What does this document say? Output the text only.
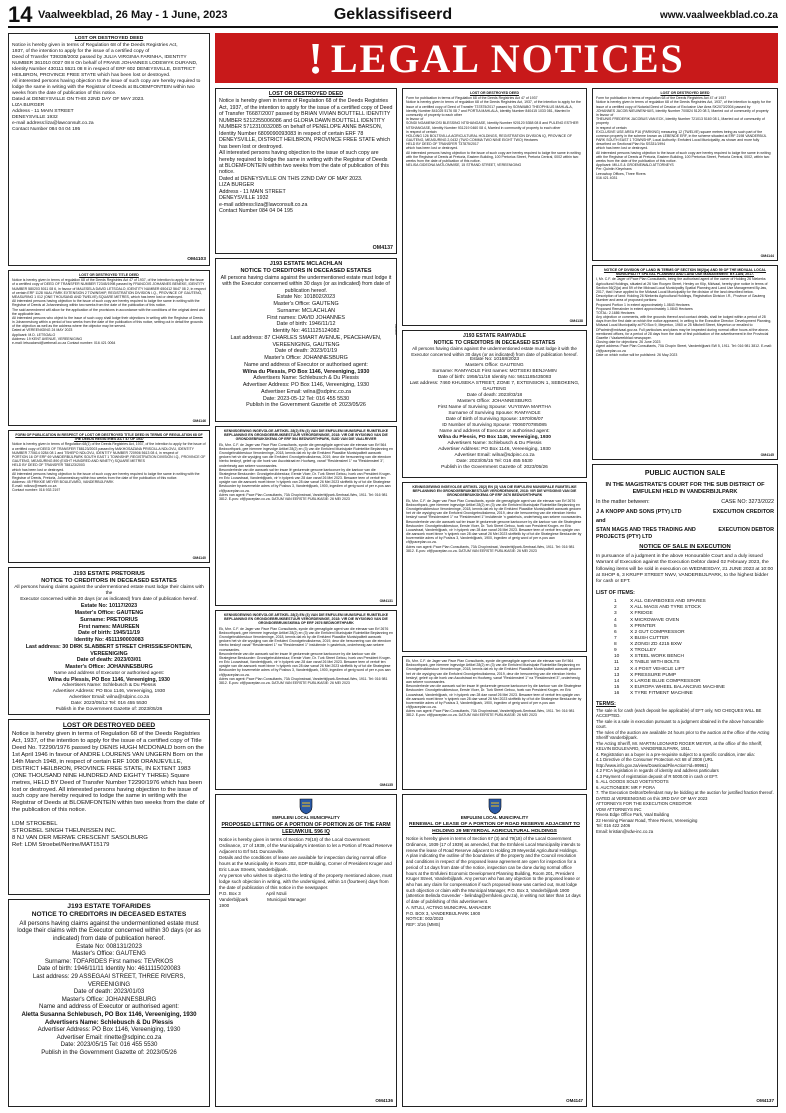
14 Vaalweekblad, 26 May - 1 June, 2023	Geklassifiseerd	www.vaalweekblad.co.za
! LEGAL NOTICES
LOST OR DESTROYED DEED
Notice is hereby given in terms of Regulation 68 of the Deeds Registries Act,
1937, of the intention to apply for the issue of a certified copy of
Deed of Transfer T39338/2002 passed by JULIA VIRGINIA FARINHA, IDENTITY NUMBER 361010 0027 08 8 On behalf of FRANS JOHANNES LODEWYK DURAND, Identity Number 430111 5521 08 8 in respect of ERF 602 DENEYSVILLE, DISTRICT HEILBRON, PROVINCE FREE STATE which has been lost or destroyed.
All interested persons having objection to the issue of such copy are hereby required to lodge the same in writing with the Registrar of Deeds at BLOEMFONTEIN within two weeks from the date of publication of this notice.
Dated at DENEYSVILLE ON THIS 22ND DAY OF MAY 2023.
LIZA BURGER
Address - 11 MAIN STREET
DENEYSVILLE 1932
e-mail address:liza@lawconsult.co.za
Contact Number 084 04 04 195
OM4103
LOST OR DESTROYED TITLE DEED
Notice is hereby given in terms of regulation 68 of the Deeds Registries Act 47 of 1937, of the intention to apply for the issue of a certified copy of DEED OF TRANSFER NUMBER T2345/1998 passed by FRANCOIS JOHANNES BENEKE, IDENTITY NUMBER 580203 5011 08 6, in favour of MALESELA DAVID LETSOALO, IDENTITY NUMBER 650412 5647 08 2, in respect of certain ERF 1128 VAAL PARK EXTENSION 2 TOWNSHIP, REGISTRATION DIVISION I.Q., PROVINCE OF GAUTENG, MEASURING 1 012 (ONE THOUSAND AND TWELVE) SQUARE METRES, which has been lost or destroyed.
All interested persons having objection to the issue of such copy are hereby required to lodge the same in writing with the Registrar of Deeds at Johannesburg within two weeks from the date of the publication of this notice.
The said amendment will allow for the application of the provisions in accordance with the conditions of the original deed and the applicable law.
All interested persons who object to the issue of such copy shall lodge their objections in writing with the Registrar of Deeds in Johannesburg within a period of two weeks from the date of the publication of this notice, setting out in detail the grounds of the objection as well as the address where the objector may be served.
Dated at VEREENIGING 24 MAY 2023
Applicant: M.D. LETSOALO
Address: 19 KENT AVENUE, VEREENIGING
e-mail: letsoalomd@webmail.co.za Contact number: 016 421 0064
OM4146
FORM OF PUBLICATION IN RESPECT OF LOST OR DESTROYED TITLE DEED IN TERMS OF REGULATION 68 OF THE DEEDS REGISTRIES ACT 47 OF 1937
Notice is hereby given in terms of Regulation 68(1) of the Deeds Registries Act, 1937, of the intention to apply for the issue of a certified copy of DEED OF TRANSFER T88123/2003 passed by MAKHOSAZANA PRISCILLA NDLOVU, IDENTITY NUMBER 770614 0284 08 1 and TSHEPO NDLOVU, IDENTITY NUMBER 720906 5613 08 4, in respect of
PORTION 16 OF ERF 69 VANDERBIJLPARK SOUTH EAST 1 TOWNSHIP, REGISTRATION DIVISION I.Q., PROVINCE OF GAUTENG, MEASURING 890 (EIGHT HUNDRED AND NINETY) SQUARE METRES
HELD BY DEED OF TRANSFER T88123/2003
which has been lost or destroyed.
All interested persons having objection to the issue of such copy are hereby required to lodge the same in writing with the Registrar of Deeds, Pretoria, Johannesburg within two weeks from the date of the publication of this notice.
Address: 45 FRIKKIE MEYER BOULEVARD, VANDERBIJLPARK
E-mail: ndlovu@mweb.co.za
Contact number: 016 933 2197
OM4140
J193 ESTATE PRETORIUS
NOTICE TO CREDITORS IN DECEASED ESTATES
All persons having claims against the undermentioned estate must lodge their claims with the
Executor concerned within 30 days (or as indicated) from date of publication hereof.
Estate No: 10117/2023
Master's Office: GAUTENG
Surname: PRETORIUS
First names: MAUREEN
Date of birth: 1945/11/19
Identity No: 4511190003083
Last address: 30 DIRK SLABBERT STREET CHRISSIESFONTEIN, VEREENIGING
Date of death: 2023/03/01
Master's Office: JOHANNESBURG
Name and address of Executor or authorised agent:
Wilna du Plessis, PO Box 1146, Vereeniging, 1930
Advertisers Name: Schlebusch & Du Plessis
Advertiser Address: PO Box 1146, Vereeniging, 1930
Advertiser Email: wilna@sdpinc.co.za
Date: 2023/05/12 Tel: 016 455 5530
Publish in the Government Gazette of: 2023/05/26
LOST OR DESTROYED DEED
Notice is hereby given in terms of Regulation 68 of the Deeds Registries Act, 1937, of the intention to apply for the issue of a certified copy of Title Deed No. T2290/1976 passed by DENIS HUGH MCDONALD born on the 1st April 1946 in favour of ANDRE LOURENS VAN UNGERN Born on the 14th March 1948, in respect of certain ERF 1008 ORANJEVILLE, DISTRICT HEILBRON, PROVINCE FREE STATE, IN EXTENT 1983 (ONE THOUSAND NINE HUNDRED AND EIGHTY THREE) Square metres, HELD BY Deed of Transfer Number T2290/1976 which has been lost or destroyed. All interested persons having objection to the issue of such copy are hereby required to lodge the same in writing with the Registrar of Deeds at BLOEMFONTEIN within two weeks from the date of the publication of this notice.

LDM STROEBEL
STROEBEL SINGH THEUNISSEN INC.
8 NJ VAN DER MERWE CRESCENT SASOLBURG
Ref: LDM Stroebel/Nerine/MAT15179
J193 ESTATE TOFARIDES
NOTICE TO CREDITORS IN DECEASED ESTATES
All persons having claims against the undermentioned estate must lodge their claims with the Executor concerned within 30 days (or as indicated) from date of publication hereof.
Estate No: 008131/2023
Master's Office: GAUTENG
Surname: TOFARIDES First names: TEVRKOS
Date of birth: 1946/11/11 Identity No: 4611115020083
Last address: 29 ASSEGAAI STREET, THREE RIVERS, VEREENIGING
Date of death: 2023/01/03
Master's Office: JOHANNESBURG
Name and address of Executor or authorised agent:
Aletta Susanna Schlebusch, PO Box 1146, Vereeniging, 1930
Advertisers Name: Schlebusch & Du Plessis
Advertiser Address: PO Box 1146, Vereeniging, 1930
Advertiser Email: rinette@sdpinc.co.za
Date: 2023/05/15 Tel: 016 455 5530
Publish in the Government Gazette of: 2023/05/26
LOST OR DESTROYED DEED
Notice is hereby given in terms of Regulation 68 of the Deeds Registries Act, 1937, of the intention to apply for the issue of a certified copy of Deed of Transfer T6687/2007 passed by BRIAN VIVIAN BOUTTELL IDENTITY NUMBER 5212255006086 and GLORIA DAWN BOUTTELL IDENTITY NUMBER 5712310032085 on behalf of PENELOPE ANNE BARSON, Identity Number 6809090093083 in respect of certain ERF 78 DENEYSVILLE, DISTRICT HEILBRON, PROVINCE FREE STATE which has been lost or destroyed.
All interested persons having objection to the issue of such copy are hereby required to lodge the same in writing with the Registrar of Deeds at BLOEMFONTEIN within two weeks from the date of publication of this notice.
Dated at DENEYSVILLE ON THIS 22ND DAY OF MAY 2023.
LIZA BURGER
Address - 11 MAIN STREET
DENEYSVILLE 1932
e-mail address:liza@lawconsult.co.za
Contact Number 084 04 04 195
OM4137
J193 ESTATE MCLACHLAN
NOTICE TO CREDITORS IN DECEASED ESTATES
All persons having claims against the undermentioned estate must lodge it with the Executor concerned within 30 days (or as indicated) from date of publication hereof.
Estate No: 101802/2023
Master's Office: GAUTENG
Surname: MCLACHLAN
First names: DAVID JOHANNES
Date of birth: 1946/11/12
Identity No: 4611125124082
Last address: 87 CHARLES SMART AVENUE, PEACEHAVEN, VEREENIGING, GAUTENG
Date of death: 2023/01/19
Master's Office: JOHANNESBURG
Name and address of Executor or authorised agent:
Wilna du Plessis, PO Box 1146, Vereeniging, 1930
Advertisers Name: Schlebusch & Du Plessis
Advertiser Address: PO Box 1146, Vereeniging, 1930
Advertiser Email: wilna@sdpinc.co.za
Date: 2023-05-12 Tel: 016 455 5530
Publish in the Government Gazette of: 2023/05/26
OM4097
KENNISGEWING INGEVOLGE ARTIKEL 28(2) EN (3) VAN DIE EMFULENI MUNISIPALE RUIMTELIKE BEPLANNING EN GRONDGEBRUIKBESTUUR VERORDENINGE, 2018: VIR DIE WYSIGING VAN DIE GRONDGEBRUIKSKEMA OP ERF 564 BEDWORTHPARK, SUID VAN DIE VAALRIVIER
Ek, Mnr. C.F. de Jager van Pace Plan Consultants, synde die gemagtigde agent van die eienaar van Erf 564 Bedworthpark, gee hiermee ingevolge Artikel 28(2) en (3) van die Emfuleni Munisipale Ruimtelike Beplanning en Grondgebruikbestuur Verordeninge, 2018, kennis dat ek by die Emfuleni Plaaslike Munisipaliteit aansoek gedoen het vir die wysiging van die Emfuleni Grondgebruikskema, 2019, deur die hersonering van die eiendom hierbo beskryf, geleë op die hoek van Ascotstraat en Hoofweg, vanaf "Residensieel 1" na "Residensieel 3", onderhewig aan sekere voorwaardes.
Besonderhede van die aansoek sal ter insae lê gedurende gewone kantoorure by die kantoor van die Strategiese Bestuurder: Grondgebruikbestuur, Eerste Vloer, Dr. Turk Street Gebou, hoek van President Kruger- en Eric Louwstraat, Vanderbijlpark, vir 'n tydperk van 28 dae vanaf 26 Mei 2023. Besware teen of vertoë ten opsigte van die aansoek moet binne 'n tydperk van 28 dae vanaf 26 Mei 2023 skriftelik by of tot die Strategiese Bestuurder by bovermelde adres of by Posbus 3, Vanderbijlpark, 1900, ingedien of gerig word of per e-pos aan cf@paceplan.co.za.
Adres van agent: Pace Plan Consultants, 70A Chopinstraat, Vanderbijlpark-Sentraal-Wes, 1911. Tel: 016 981 3812. E-pos: cf@paceplan.co.za. DATUM VAN EERSTE PUBLIKASIE: 26 MEI 2023
OM4131
KENNISGEWING INGEVOLGE ARTIKEL 28(2) EN (3) VAN DIE EMFULENI MUNISIPALE RUIMTELIKE BEPLANNING EN GRONDGEBRUIKBESTUUR VERORDENINGE, 2018: VIR DIE WYSIGING VAN DIE GRONDGEBRUIKSKEMA OP ERF 2676 BEDWORTHPARK
Ek, Mnr. C.F. de Jager van Pace Plan Consultants, synde die gemagtigde agent van die eienaar van Erf 2676 Bedworthpark, gee hiermee ingevolge Artikel 28(2) en (3) van die Emfuleni Munisipale Ruimtelike Beplanning en Grondgebruikbestuur Verordeninge, 2018, kennis dat ek by die Emfuleni Plaaslike Munisipaliteit aansoek gedoen het vir die wysiging van die Emfuleni Grondgebruikskema, 2019, deur die hersonering van die eiendom hierbo beskryf vanaf "Residensieel 1" na "Residensieel 1" insluitende 'n gastehuis, onderhewig aan sekere voorwaardes.
Besonderhede van die aansoek sal ter insae lê gedurende gewone kantoorure by die kantoor van die Strategiese Bestuurder: Grondgebruikbestuur, Eerste Vloer, Dr. Turk Street Gebou, hoek van President Kruger- en Eric Louwstraat, Vanderbijlpark, vir 'n tydperk van 28 dae vanaf 26 Mei 2023. Besware teen of vertoë ten opsigte van die aansoek moet binne 'n tydperk van 28 dae vanaf 26 Mei 2023 skriftelik by of tot die Strategiese Bestuurder by bovermelde adres of by Posbus 3, Vanderbijlpark, 1900, ingedien of gerig word of per e-pos aan cf@paceplan.co.za.
Adres van agent: Pace Plan Consultants, 70A Chopinstraat, Vanderbijlpark-Sentraal-Wes, 1911. Tel: 016 981 3812. E-pos: cf@paceplan.co.za. DATUM VAN EERSTE PUBLIKASIE: 26 MEI 2023
OM4135
EMFULENI LOCAL MUNICIPALITY
PROPOSED LETTING OF A PORTION OF PORTION 26 OF THE FARM LEEUWKUIL 596 IQ
Notice is hereby given in terms of Section 79(18) of the Local Government Ordinance, 17 of 1939, of the Municipality's intention to let a Portion of Road Reserve Adjacent to Erf 541 Duncanville.
Details and the conditions of lease are available for inspection during normal office hours at the Municipality in Room 202, EDP Building, Corner of President Kruger and Eric Louw Streets, Vanderbijlpark.
Any person who wishes to object to the letting of the property mentioned above, must lodge such objection in writing, with the undersigned, within 14 (fourteen) days from the date of publication of this notice in the newspaper.
P.O. Box 3                    April Nzuli
Vanderbijlpark               Municipal Manager
1900
OM4136
LOST OR DESTROYED DEED
Form for publication in terms of Regulation 68 of the Deeds Registries Act 47 of 1937
Notice is hereby given in terms of regulation 68 of the Deeds Registries Act, 1937, of the intention to apply for the issue of a certified copy of Deed of Transfer T37875/2017 passed by SONWABO THEOPHILUS MAHLALA, Identity Number 841025 5176 08 7 and PORTIA MAHLALA, Identity Number 840415 1033 081, Married in community of property to each other
in favour of
SONDI NGAMENKOSI BLESSING NTSHANGASE, Identity Number 920120 5358 08 8 and PULENG ESTHER NTSHANGASE, Identity Number 931219 0460 08 4, Married in community of property to each other
in respect of certain
HOLDING 126 BOLTSVILLA AGRICULTURAL HOLDINGS, REGISTRATION DIVISION IQ, PROVINCE OF GAUTENG, MEASURING 2,0432 (TWO COMMA TWO NINE EIGHT TWO) Hectares
HELD BY DEED OF TRANSFER T37875/2017
which has been lost or destroyed.
All interested persons having objection to the issue of such copy are hereby required to lodge the same in writing with the Registrar of Deeds at Pretoria, Eastern Building, 100 Pretorius Street, Pretoria Central, 0002 within two weeks from the date of publication of this notice.
NELISA GIDEONA MATLOMMISE, 15 STRAND STREET, VEREENIGING
OM4138
J193 ESTATE RAMYADLE
NOTICE TO CREDITORS IN DECEASED ESTATES
All persons having claims against the undermentioned estate must lodge it with the Executor concerned within 30 days (or as indicated) from date of publication hereof.
Estate No: 10168/2023
Master's Office: GAUTENG
Surname: RAMYADLE First names: MOTSEKI BENJAMIN
Date of birth: 1956/11/18 Identity No: 5611185435083
Last address: 7460 KHUSEKA STREET, ZONE 7, EXTENSION 1, SEBOKENG, GAUTENG
Date of death: 2023/03/18
Master's Office: JOHANNESBURG
First Name of Surviving Spouse: VUYISWA MARTHA
Surname of Surviving Spouse: RAMYADLE
Date of Birth of Surviving Spouse: 1970/06/07
ID Number of Surviving Spouse: 7006070785085
Name and address of Executor or authorised agent:
Wilna du Plessis, PO Box 1146, Vereeniging, 1930
Advertisers Name: Schlebusch & Du Plessis
Advertiser Address: PO Box 1146, Vereeniging, 1930
Advertiser Email: wilna@sdpinc.co.za
Date: 2023/05/15 Tel: 016 455 5530
Publish in the Government Gazette of: 2023/05/26
KENNISGEWING INGEVOLGE ARTIKEL 28(2) EN (3) VAN DIE EMFULENI MUNISIPALE RUIMTELIKE BEPLANNING EN GRONDGEBRUIKBESTUUR VERORDENINGE, 2018: VIR DIE WYSIGING VAN DIE GRONDGEBRUIKSKEMA OP ERF 2676 BEDWORTHPARK
Ek, Mnr. C.F. de Jager van Pace Plan Consultants, synde die gemagtigde agent van die eienaar van Erf 2676 Bedworthpark, gee hiermee ingevolge Artikel 28(2) en (3) van die Emfuleni Munisipale Ruimtelike Beplanning en Grondgebruikbestuur Verordeninge, 2018, kennis dat ek by die Emfuleni Plaaslike Munisipaliteit aansoek gedoen het vir die wysiging van die Emfuleni Grondgebruikskema, 2019, deur die hersonering van die eiendom hierbo beskryf vanaf "Residensieel 1" na "Residensieel 1" insluitende 'n gastehuis, onderhewig aan sekere voorwaardes.
Besonderhede van die aansoek sal ter insae lê gedurende gewone kantoorure by die kantoor van die Strategiese Bestuurder: Grondgebruikbestuur, Eerste Vloer, Dr. Turk Street Gebou, hoek van President Kruger- en Eric Louwstraat, Vanderbijlpark, vir 'n tydperk van 28 dae vanaf 26 Mei 2023. Besware teen of vertoë ten opsigte van die aansoek moet binne 'n tydperk van 28 dae vanaf 26 Mei 2023 skriftelik by of tot die Strategiese Bestuurder by bovermelde adres of by Posbus 3, Vanderbijlpark, 1900, ingedien of gerig word of per e-pos aan cf@paceplan.co.za.
Adres van agent: Pace Plan Consultants, 70A Chopinstraat, Vanderbijlpark-Sentraal-Wes, 1911. Tel: 016 981 3812. E-pos: cf@paceplan.co.za. DATUM VAN EERSTE PUBLIKASIE: 26 MEI 2023
EMFULENI LOCAL MUNICIPALITY
RENEWAL OF LEASE OF A PORTION OF ROAD RESERVE ADJACENT TO HOLDING 29 MEYERDAL AGRICULTURAL HOLDINGS
Notice is hereby given in terms of Section 67 (3) and 79(18) of the Local Government Ordinance, 1939 (17 of 1939) as amended, that the Emfuleni Local Municipality intends to renew the lease of Road Reserve adjacent to Holding 29 Meyerdal Agricultural Holdings.
A plan indicating the outline of the boundaries of the property and the Council resolution and conditions in respect of the proposed lease agreement are open for inspection for a period of 14 days from date of the notice, inspection can be done during normal office hours at the Emfuleni Economic Development Planning Building, Room 201, President Kruger Street, Vanderbijlpark. Any person who has any objection to the proposed lease or who has any claim for compensation if such proposed lease was carried out, must lodge such objection or claim with the Municipal Manager, P.O. Box 3, Vanderbijlpark 1900 (attention Belinda Govender - belindag@emfuleni.gov.za), in writing not later than 14 days of date of publishing of this advertisement.
A. NTULI, ACTING MUNICIPAL MANAGER
P.O. BOX 3, VANDERBIJLPARK 1900
NOTICE: 002/2023
REF: 3/16 (MMS)
OM4147
Ek, Mnr. C.F. de Jager van Pace Plan Consultants, synde die gemagtigde agent van die eienaar van Erf 564 Bedworthpark, gee hiermee ingevolge Artikel 28(2) en (3) van die Emfuleni Munisipale Ruimtelike Beplanning en Grondgebruikbestuur Verordeninge, 2018, kennis dat ek by die Emfuleni Plaaslike Munisipaliteit aansoek gedoen het vir die wysiging van die Emfuleni Grondgebruikskema, 2019, deur die hersonering van die eiendom hierbo beskryf, geleë op die hoek van Ascotstraat en Hoofweg, vanaf "Residensieel 1" na "Residensieel 3", onderhewig aan sekere voorwaardes.
Besonderhede van die aansoek sal ter insae lê gedurende gewone kantoorure by die kantoor van die Strategiese Bestuurder: Grondgebruikbestuur, Eerste Vloer, Dr. Turk Street Gebou, hoek van President Kruger- en Eric Louwstraat, Vanderbijlpark, vir 'n tydperk van 28 dae vanaf 26 Mei 2023. Besware teen of vertoë ten opsigte van die aansoek moet binne 'n tydperk van 28 dae vanaf 26 Mei 2023 skriftelik by of tot die Strategiese Bestuurder by bovermelde adres of by Posbus 3, Vanderbijlpark, 1900, ingedien of gerig word of per e-pos aan cf@paceplan.co.za.
Adres van agent: Pace Plan Consultants, 70A Chopinstraat, Vanderbijlpark-Sentraal-Wes, 1911. Tel: 016 981 3812. E-pos: cf@paceplan.co.za. DATUM VAN EERSTE PUBLIKASIE: 26 MEI 2023
LOST OR DESTROYED DEED
Form for publication in terms of regulation 68 of the Deeds Registries Act 47 of 1937
Notice is hereby given in terms of regulation 68 of the Deeds Registries Act, 1937, of the intention to apply for the issue of a certified copy of Notarial Deed of Cession of Exclusive Use Area SK2073/2004 passed by
JOHANNES JACOB NIEUWENHUIS, Identity Number 700824 5120 08 3, Married out of community of property
in favour of
THEUNIS FREDERIK JACOBUS VAN ECK, Identity Number 721013 5160 08 1, Married out of community of property
in respect of certain
EXCLUSIVE USE AREA P16 (PARKING) measuring 12 (TWELVE) square metres being as such part of the common property in the scheme known as LEBENDE ERF, in the scheme situated at ERF 2198 VANDERBIJL PARK SOUTH EAST 1 TOWNSHIP, Local Authority: Emfuleni Local Municipality, as shown and more fully described on Sectional Plan No SS331/1994
which has been lost or destroyed.
All interested persons having objection to the issue of such copy are hereby required to lodge the same in writing with the Registrar of Deeds at Pretoria, Eastern Building, 100 Pretorius Street, Pretoria Central, 0002, within two weeks from the date of the publication of this notice.
Applicant: MILLS & GROENEWALD ATTORNEYS
Per: Quintin Kleynhans
Leeuwkop Offices, Three Rivers
016 421 4031
OM4144
NOTICE OF DIVISION OF LAND IN TERMS OF SECTION 56(2)(a) AND 59 OF THE MIDVAAL LOCAL MUNICIPALITY SPATIAL PLANNING AND LAND USE MANAGEMENT BY-LAW, 2017.
I, Mr. C.F. de Jager of Pace Plan Consultants, being the authorised agent of the owner of Holding 26 Niekerks Agricultural Holdings, situated at 26 Van Rooyen Street, Henley on Klip, Midvaal, hereby give notice in terms of Section 56(2)(a) and 59 of the Midvaal Local Municipality Spatial Planning and Land Use Management By-law, 2017, that I have applied to the Midvaal Local Municipality for the division of the land described below.
Description of land: Holding 26 Niekerks Agricultural Holdings, Registration Division I.R., Province of Gauteng
Number and area of proposed portions:
Proposed Portion 1 in extent approximately 1.0843 Hectares
Proposed Remainder in extent approximately 1.0843 Hectares
TOTAL: 2.1686 Hectares
Any objection or comments, with the grounds thereof and contact details, shall be lodged within a period of 28 days from the first date on which the notice appeared, in writing to the Executive Director: Development Planning, Midvaal Local Municipality at PO Box 9, Meyerton, 1960 or 25 Mitchell Street, Meyerton or emailed to DPadmin@midvaal.gov.za. Full particulars and plans may be inspected during normal office hours at the above-mentioned offices, for a period of 28 days from the date of first publication of the advertisement in the Provincial Gazette / Vaalweekblad newspaper.
Closing date for objections: 26 June 2023
Agent address: Pace Plan Consultants, 70A Chopin Street, Vanderbijlpark SW 5, 1911. Tel: 016 981 3812. E-mail: cf@paceplan.co.za
Date on which notice will be published: 26 May 2023
OM4145
PUBLIC AUCTION SALE
IN THE MAGISTRATE'S COURT FOR THE SUB DISTRICT OF EMFULENI HELD IN VANDERBIJLPARK
In the matter between:	CASE NO: 3273/2022
J A KNOPP AND SONS (PTY) LTD	EXECUTION CREDITOR
and
STAN MAGS AND TRES TRADING AND PROJECTS (PTY) LTD
EXECUTION DEBTOR
NOTICE OF SALE IN EXECUTION
In pursuance of a judgment in the above Honourable Court and a duly issued Warrant of Execution against the Execution Debtor dated 02 February 2023, the following items will be sold in execution on WEDNESDAY, 21 JUNE 2023 at 10:00 at SHOP 6, 3 KRUPP STREET NWV, VANDERBIJLPARK, to the highest bidder for cash or EFT.
LIST OF ITEMS:
1	X ALL GEARBOXES AND SPARES
2	X ALL MAGS AND TYRE STOCK
3	X FRIDGE
4	X MICROWAVE OVEN
5	X PRINTER
6	X 2 GUT COMPRESSOR
7	X BUSH CUTTER
8	X ZONGI ZD 4215 BXW
9	X TROLLEY
10	X STEEL WORK BENCH
11	X TABLE WITH BOLTS
12	X 4 POST VEHICLE LIFT
13	X PRESSURE PUMP
14	X LARGE BLUE COMPRESSOR
15	X EUROPA WHEEL BALANCING MACHINE
16	X TYRE FITMENT MACHINE
TERMS:
The sale is for cash (each deposit fee applicable) of EFT only, NO CHEQUES WILL BE ACCEPTED.
The sale is a sale in execution pursuant to a judgment obtained in the above honourable court.
The rules of the auction are available 24 hours prior to the auction at the office of the Acting Sheriff Vanderbijlpark.
The Acting Sheriff, Mr. MARTIN LEONARD ROGER MEYER, at the office of the Sheriff, KELVIN BOULEVARD, VANDERBIJLPARK, 1911.
4. Registration as a buyer is a pre-requisite subject to a specific condition, inter alia:
4.1 Directive of the Consumer Protection Act 68 of 2008 (URL http://www.info.gov.za/view/DownloadFileAction?id=99961)
4.2 FICA legislation in regards of identity and address particulars
4.3 Payment of registration deposit of R 5000.00 in cash or EFT.
5. ALL GOODS SOLD VOETSTOOTS
6. AUCTIONEER: MR F PORA
7. The Execution Debtor/Defendant may be bidding at the auction for justified fraction thereof.
DATED at VEREENIGING on this 3RD DAY OF MAY 2023
ATTORNEYS FOR THE EXECUTION CREDITOR
VDW ATTORNEYS INC
Rivera Edge Office Park, Vaal Building
22 Henning Pienaar Road, Three Rivers, Vereeniging
Tel: 016 422 2406
Email: kristian@vdw-inc.co.za
OM4137
